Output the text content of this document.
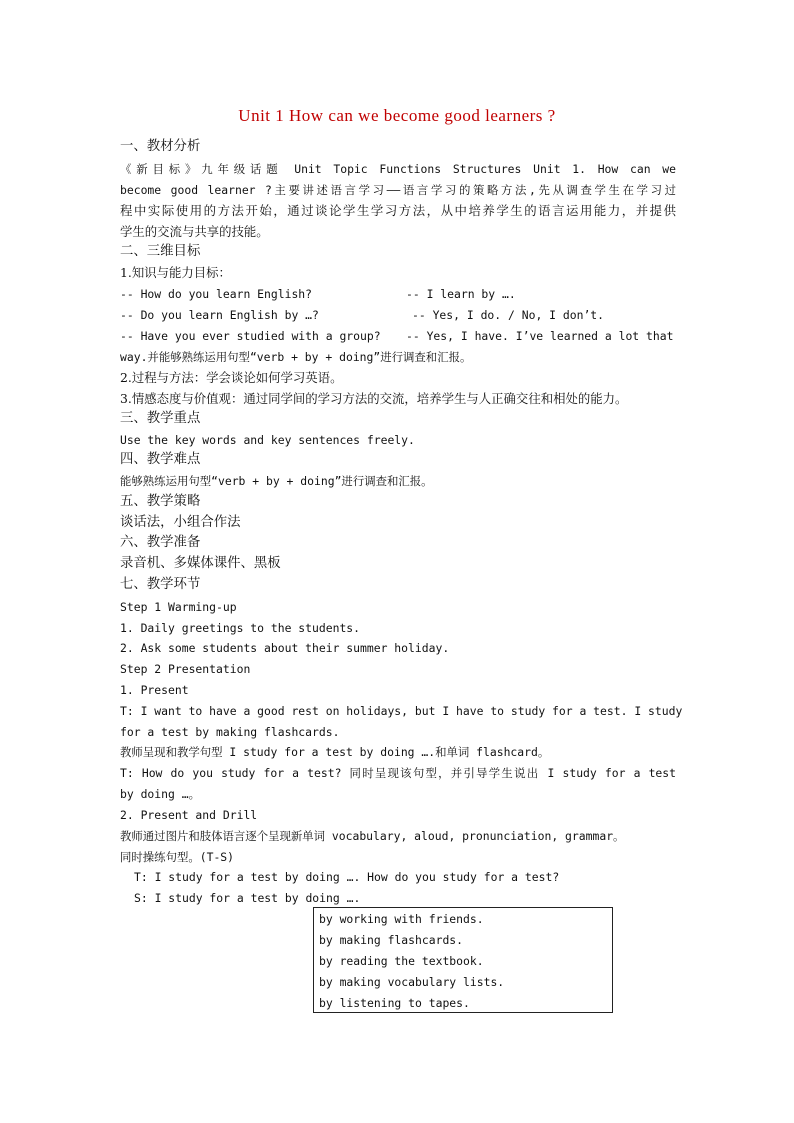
Unit 1 How can we become good learners ?
一、教材分析
《新目标》九年级话题 Unit Topic Functions Structures Unit 1. How can we
become good learner ?主要讲述语言学习——语言学习的策略方法,先从调查学生在学习过
程中实际使用的方法开始，通过谈论学生学习方法，从中培养学生的语言运用能力，并提供
学生的交流与共享的技能。
二、三维目标
1.知识与能力目标：
-- How do you learn English?	-- I learn by ….
-- Do you learn English by …?	-- Yes, I do. / No, I don’t.
-- Have you ever studied with a group? -- Yes, I have. I’ve learned a lot that
way.并能够熟练运用句型“verb + by + doing”进行调查和汇报。
2.过程与方法：学会谈论如何学习英语。
3.情感态度与价值观：通过同学间的学习方法的交流，培养学生与人正确交往和相处的能力。
三、教学重点
Use the key words and key sentences freely.
四、教学难点
能够熟练运用句型“verb + by + doing”进行调查和汇报。
五、教学策略
谈话法，小组合作法
六、教学准备
录音机、多媒体课件、黑板
七、教学环节
Step 1 Warming-up
1. Daily greetings to the students.
2. Ask some students about their summer holiday.
Step 2 Presentation
1. Present
T: I want to have a good rest on holidays, but I have to study for a test. I study
for a test by making flashcards.
教师呈现和教学句型 I study for a test by doing ….和单词 flashcard。
T: How do you study for a test? 同时呈现该句型，并引导学生说出 I study for a test
by doing …。
2. Present and Drill
教师通过图片和肢体语言逐个呈现新单词 vocabulary, aloud, pronunciation, grammar。
同时操练句型。(T-S)
T: I study for a test by doing …. How do you study for a test?
S: I study for a test by doing ….
by working with friends.
by making flashcards.
by reading the textbook.
by making vocabulary lists.
by listening to tapes.
